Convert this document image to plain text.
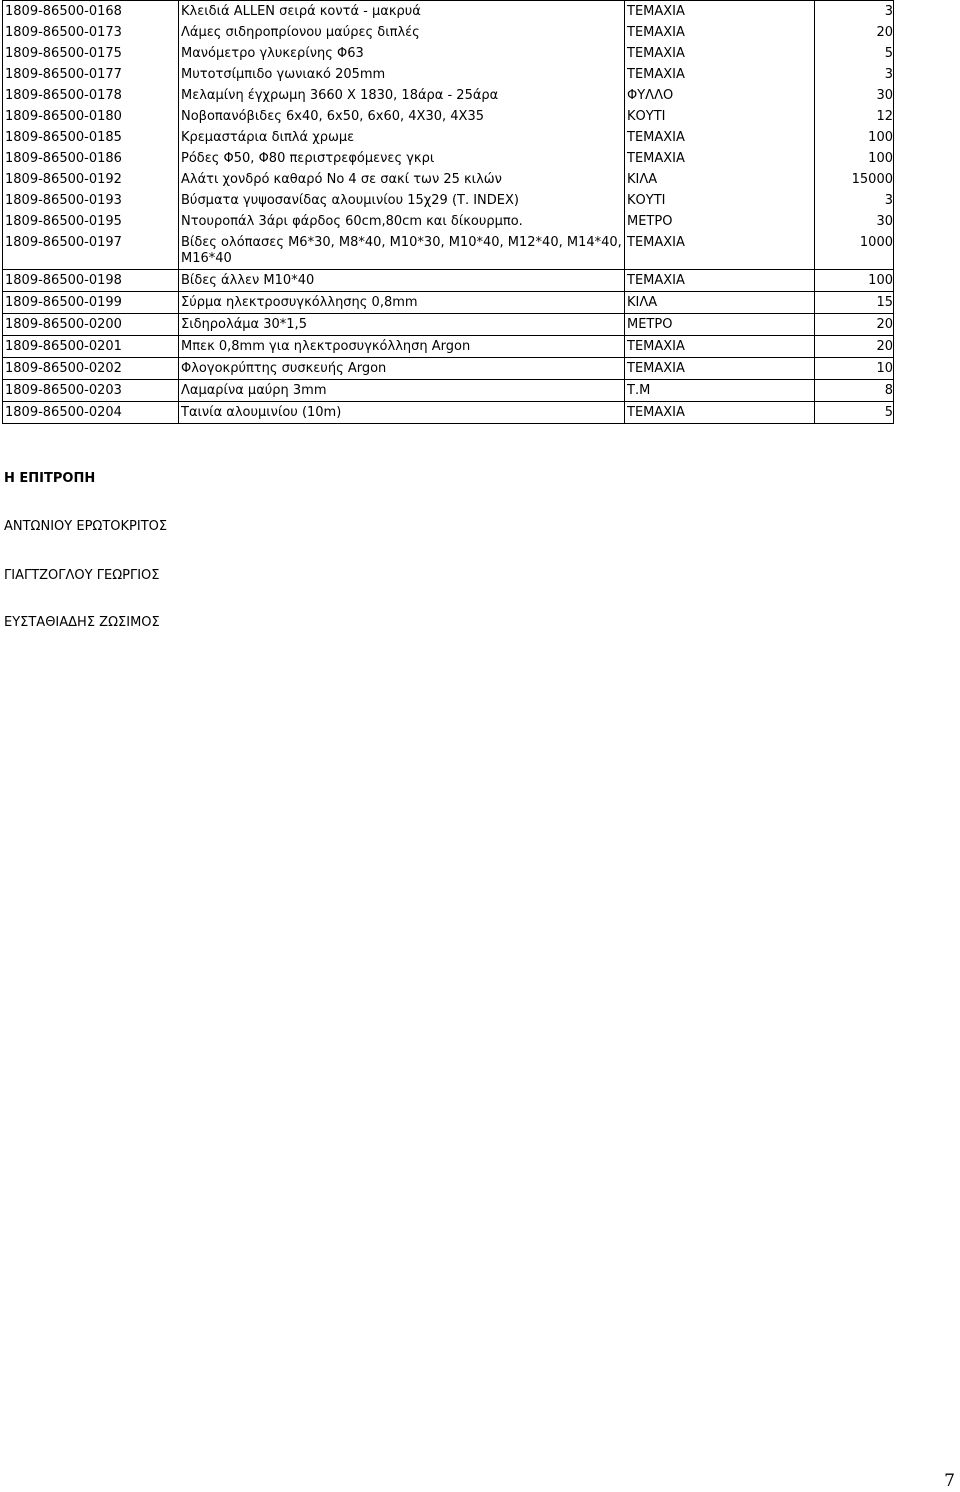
1809-86500-0168	Κλειδιά ALLEN σειρά κοντά - μακρυά	ΤΕΜΑΧΙΑ	3
1809-86500-0173	Λάμες σιδηροπρίονου μαύρες διπλές	ΤΕΜΑΧΙΑ	20
1809-86500-0175	Μανόμετρο γλυκερίνης Φ63	ΤΕΜΑΧΙΑ	5
1809-86500-0177	Μυτοτσίμπιδο γωνιακό 205mm	ΤΕΜΑΧΙΑ	3
1809-86500-0178	Μελαμίνη έγχρωμη 3660 Χ 1830, 18άρα - 25άρα	ΦΥΛΛΟ	30
1809-86500-0180	Νοβοπανόβιδες 6x40, 6x50, 6x60, 4Χ30, 4Χ35	ΚΟΥΤΙ	12
1809-86500-0185	Κρεμαστάρια διπλά χρωμε	ΤΕΜΑΧΙΑ	100
1809-86500-0186	Ρόδες Φ50, Φ80 περιστρεφόμενες γκρι	ΤΕΜΑΧΙΑ	100
1809-86500-0192	Αλάτι χονδρό καθαρό Νο 4 σε σακί των 25 κιλών	ΚΙΛΑ	15000
1809-86500-0193	Βύσματα γυψοσανίδας αλουμινίου 15χ29 (Τ. INDEX)	ΚΟΥΤΙ	3
1809-86500-0195	Ντουροπάλ 3άρι φάρδος 60cm,80cm και δίκουρμπο.	ΜΕΤΡΟ	30
1809-86500-0197	Βίδες ολόπασες Μ6*30, Μ8*40, Μ10*30, Μ10*40, Μ12*40, Μ14*40, Μ16*40	ΤΕΜΑΧΙΑ	1000
1809-86500-0198	Βίδες άλλεν Μ10*40	ΤΕΜΑΧΙΑ	100
1809-86500-0199	Σύρμα ηλεκτροσυγκόλλησης 0,8mm	ΚΙΛΑ	15
1809-86500-0200	Σιδηρολάμα 30*1,5	ΜΕΤΡΟ	20
1809-86500-0201	Μπεκ 0,8mm για ηλεκτροσυγκόλληση Argon	ΤΕΜΑΧΙΑ	20
1809-86500-0202	Φλογοκρύπτης συσκευής Argon	ΤΕΜΑΧΙΑ	10
1809-86500-0203	Λαμαρίνα μαύρη 3mm	Τ.Μ	8
1809-86500-0204	Ταινία αλουμινίου (10m)	ΤΕΜΑΧΙΑ	5
Η ΕΠΙΤΡΟΠΗ
ΑΝΤΩΝΙΟΥ ΕΡΩΤΟΚΡΙΤΟΣ
ΓΙΑΓΤΖΟΓΛΟΥ ΓΕΩΡΓΙΟΣ
ΕΥΣΤΑΘΙΑΔΗΣ ΖΩΣΙΜΟΣ
7
